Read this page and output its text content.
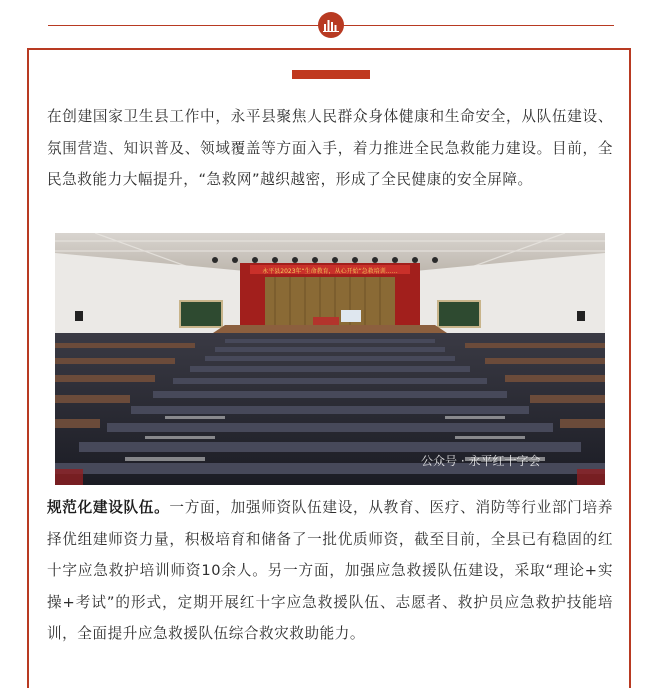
在创建国家卫生县工作中，永平县聚焦人民群众身体健康和生命安全，从队伍建设、氛围营造、知识普及、领域覆盖等方面入手，着力推进全民急救能力建设。目前，全民急救能力大幅提升，“急救网”越织越密，形成了全民健康的安全屏障。

永平县2023年“生命教育，从心开始”急救培训……
公众号 · 永平红十字会

规范化建设队伍。一方面，加强师资队伍建设，从教育、医疗、消防等行业部门培养择优组建师资力量，积极培育和储备了一批优质师资，截至目前，全县已有稳固的红十字应急救护培训师资10余人。另一方面，加强应急救援队伍建设，采取“理论+实操+考试”的形式，定期开展红十字应急救援队伍、志愿者、救护员应急救护技能培训，全面提升应急救援队伍综合救灾救助能力。
